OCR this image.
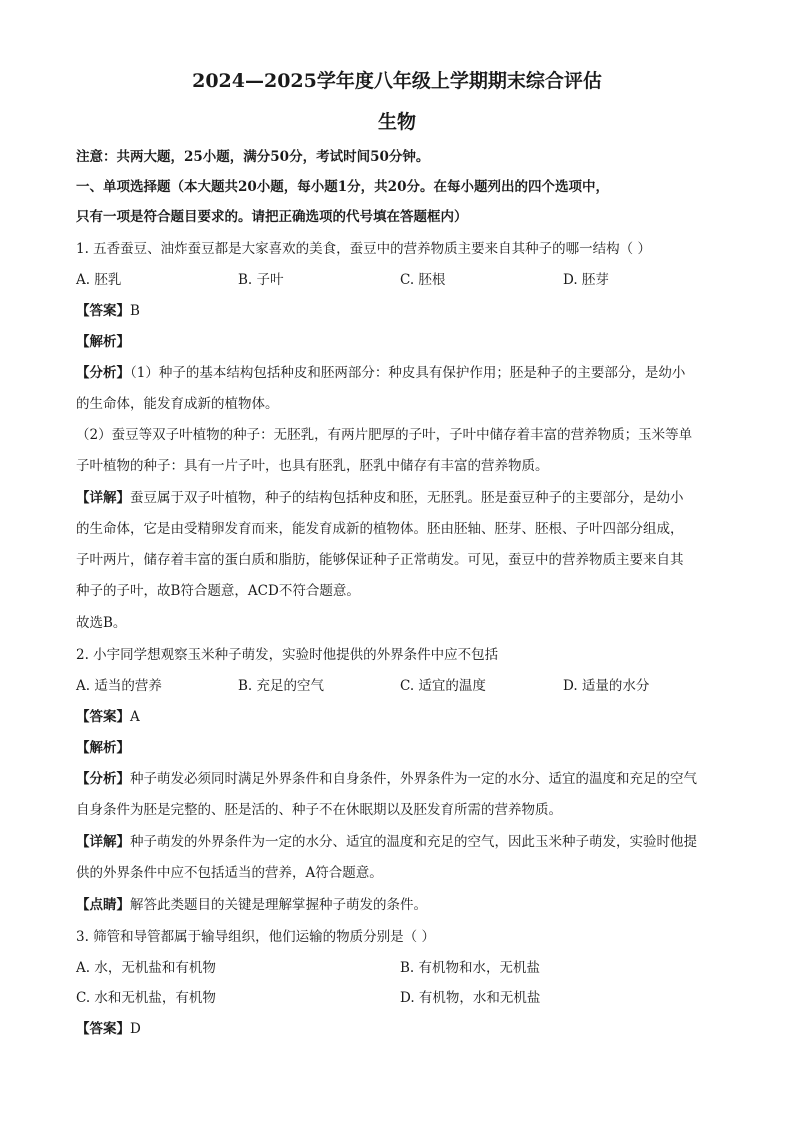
2024—2025学年度八年级上学期期末综合评估
生物
注意：共两大题，25小题，满分50分，考试时间50分钟。
一、单项选择题（本大题共20小题，每小题1分，共20分。在每小题列出的四个选项中，
只有一项是符合题目要求的。请把正确选项的代号填在答题框内）
1. 五香蚕豆、油炸蚕豆都是大家喜欢的美食，蚕豆中的营养物质主要来自其种子的哪一结构（ ）
A. 胚乳	B. 子叶	C. 胚根	D. 胚芽
【答案】B
【解析】
【分析】（1）种子的基本结构包括种皮和胚两部分：种皮具有保护作用；胚是种子的主要部分，是幼小
的生命体，能发育成新的植物体。
（2）蚕豆等双子叶植物的种子：无胚乳，有两片肥厚的子叶，子叶中储存着丰富的营养物质；玉米等单
子叶植物的种子：具有一片子叶，也具有胚乳，胚乳中储存有丰富的营养物质。
【详解】蚕豆属于双子叶植物，种子的结构包括种皮和胚，无胚乳。胚是蚕豆种子的主要部分，是幼小
的生命体，它是由受精卵发育而来，能发育成新的植物体。胚由胚轴、胚芽、胚根、子叶四部分组成，
子叶两片，储存着丰富的蛋白质和脂肪，能够保证种子正常萌发。可见，蚕豆中的营养物质主要来自其
种子的子叶，故B符合题意，ACD不符合题意。
故选B。
2. 小宇同学想观察玉米种子萌发，实验时他提供的外界条件中应不包括
A. 适当的营养	B. 充足的空气	C. 适宜的温度	D. 适量的水分
【答案】A
【解析】
【分析】种子萌发必须同时满足外界条件和自身条件，外界条件为一定的水分、适宜的温度和充足的空气
自身条件为胚是完整的、胚是活的、种子不在休眠期以及胚发育所需的营养物质。
【详解】种子萌发的外界条件为一定的水分、适宜的温度和充足的空气，因此玉米种子萌发，实验时他提
供的外界条件中应不包括适当的营养，A符合题意。
【点睛】解答此类题目的关键是理解掌握种子萌发的条件。
3. 筛管和导管都属于输导组织，他们运输的物质分别是（ ）
A. 水，无机盐和有机物	B. 有机物和水，无机盐
C. 水和无机盐，有机物	D. 有机物，水和无机盐
【答案】D
